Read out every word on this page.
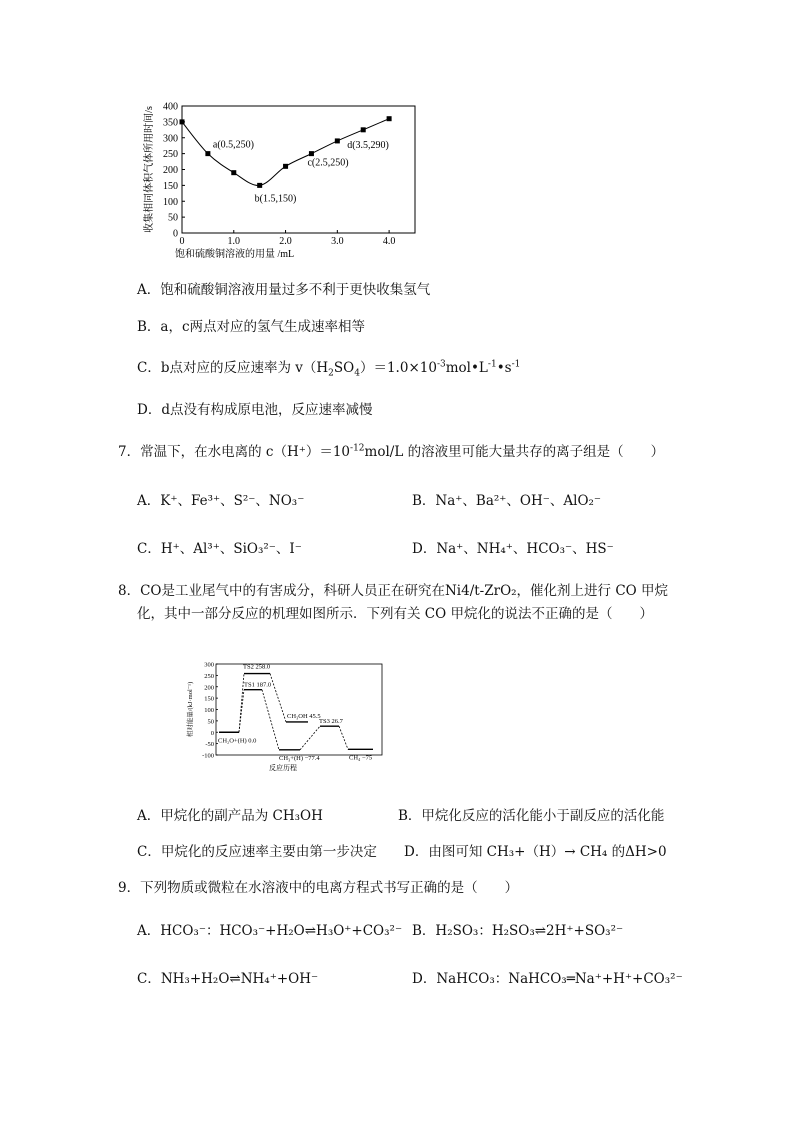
0
50
100
150
200
250
300
350
400
0	1.0	2.0	3.0	4.0
饱和硫酸铜溶液的用量 /mL
收集相同体积气体所用时间/s	a(0.5,250)
b(1.5,150)
c(2.5,250)
d(3.5,290)
A．饱和硫酸铜溶液用量过多不利于更快收集氢气
B．a，c两点对应的氢气生成速率相等
C．b点对应的反应速率为 $v(H_2SO_4)=1.0\times 10^{-3}mol•L^{-1}•s^{-1}$
D．d点没有构成原电池，反应速率减慢
7．常温下，在水电离的 $c(H^+)=10^{-12}mol/L$ 的溶液里可能大量共存的离子组是（　　）
A．K⁺、Fe³⁺、S²⁻、NO₃⁻	B．Na⁺、Ba²⁺、OH⁻、AlO₂⁻
C．H⁺、Al³⁺、SiO₃²⁻、I⁻	D．Na⁺、NH₄⁺、HCO₃⁻、HS⁻
8．CO是工业尾气中的有害成分，科研人员正在研究在Ni4/t-ZrO₂，催化剂上进行 CO 甲烷
化，其中一部分反应的机理如图所示．下列有关 CO 甲烷化的说法不正确的是（　　）
300
250
200
150
100
50
0
-50
-100
相对能量/(kJ·mol⁻¹)
反应历程
CH₂O+(H) 0.0
TS1 187.0
TS2 258.0
CH₃OH 45.5
CH₃+(H) −77.4
TS3 26.7
CH₄ −75
A．甲烷化的副产品为 CH₃OH	B．甲烷化反应的活化能小于副反应的活化能
C．甲烷化的反应速率主要由第一步决定 D．由图可知 CH₃+（H）→ CH₄ 的ΔH>0
9．下列物质或微粒在水溶液中的电离方程式书写正确的是（　　）
A．HCO₃⁻：HCO₃⁻+H₂O⇌H₃O⁺+CO₃²⁻ B．H₂SO₃：H₂SO₃⇌2H⁺+SO₃²⁻
C．NH₃+H₂O⇌NH₄⁺+OH⁻	D．NaHCO₃：NaHCO₃═Na⁺+H⁺+CO₃²⁻
